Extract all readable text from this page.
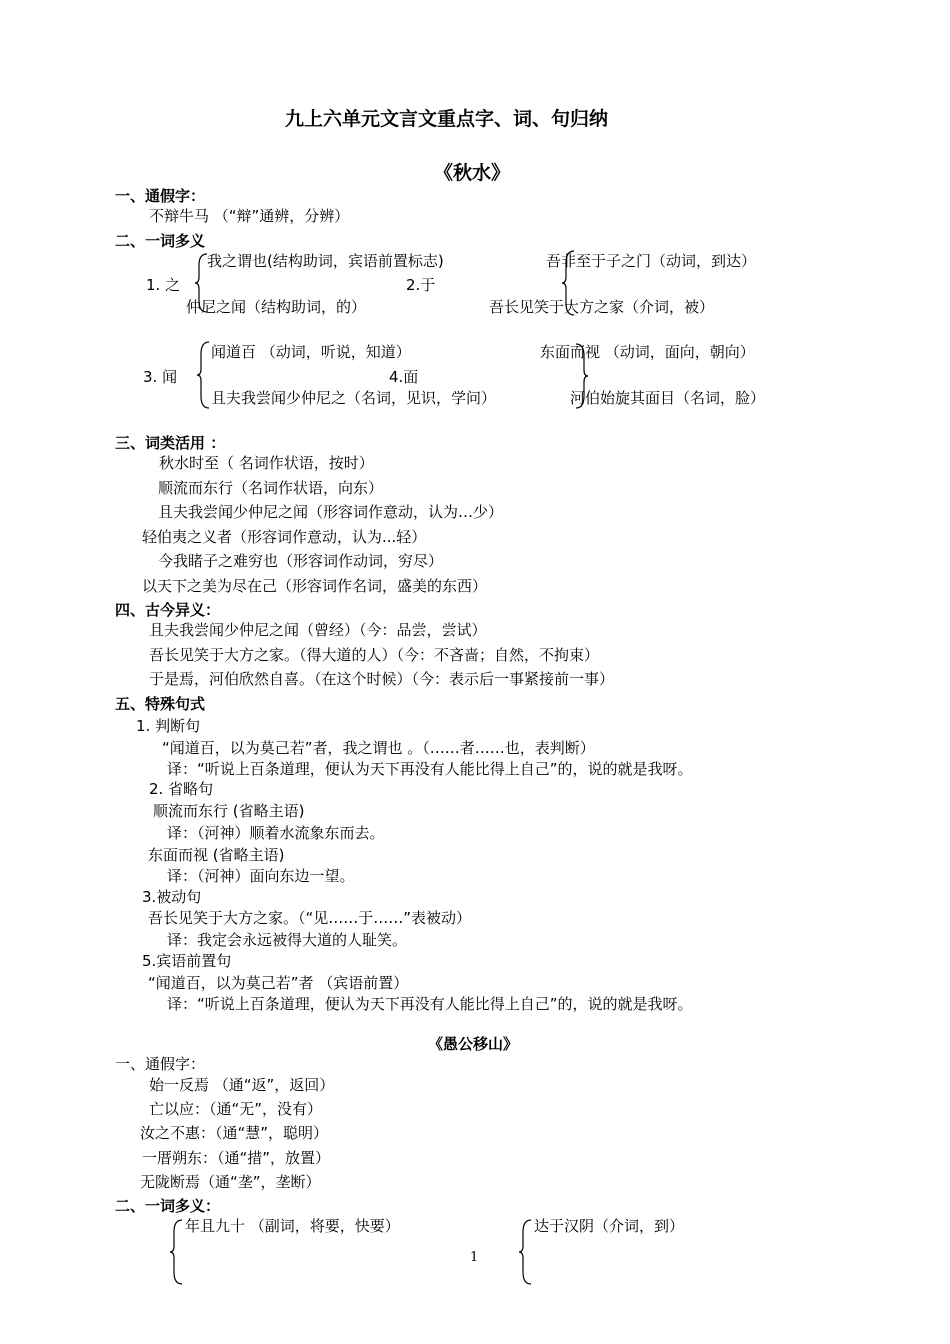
九上六单元文言文重点字、词、句归纳
《秋水》
一、通假字：
不辩牛马 （“辩”通辨，分辨）
二、一词多义
1. 之
我之谓也(结构助词，宾语前置标志)
仲尼之闻（结构助词，的）
2.于
吾非至于子之门（动词，到达）
吾长见笑于大方之家（介词，被）
3. 闻
闻道百 （动词，听说，知道）
且夫我尝闻少仲尼之（名词，见识，学问）
4.面
东面而视 （动词，面向，朝向）
河伯始旋其面目（名词，脸）
三、词类活用 ：
秋水时至（ 名词作状语，按时）
顺流而东行（名词作状语，向东）
且夫我尝闻少仲尼之闻（形容词作意动，认为…少）
轻伯夷之义者（形容词作意动，认为...轻）
今我睹子之难穷也（形容词作动词，穷尽）
以天下之美为尽在己（形容词作名词，盛美的东西）
四、古今异义：
且夫我尝闻少仲尼之闻（曾经）（今：品尝，尝试）
吾长见笑于大方之家。（得大道的人）（今：不吝啬；自然，不拘束）
于是焉，河伯欣然自喜。（在这个时候）（今：表示后一事紧接前一事）
五、特殊句式
1. 判断句
“闻道百，以为莫己若”者，我之谓也 。（……者……也，表判断）
译：“听说上百条道理，便认为天下再没有人能比得上自己”的，说的就是我呀。
2. 省略句
顺流而东行 (省略主语)
译：（河神）顺着水流象东而去。
东面而视 (省略主语)
译：（河神）面向东边一望。
3.被动句
吾长见笑于大方之家。（“见……于……”表被动）
译：我定会永远被得大道的人耻笑。
5.宾语前置句
“闻道百，以为莫己若”者 （宾语前置）
译：“听说上百条道理，便认为天下再没有人能比得上自己”的，说的就是我呀。
《愚公移山》
一、通假字：
始一反焉 （通“返”，返回）
亡以应：（通“无”，没有）
汝之不惠：（通“慧”，聪明）
一厝朔东：（通“措”，放置）
无陇断焉（通“垄”，垄断）
二、一词多义：
年且九十 （副词，将要，快要）	达于汉阴（介词，到）
1
